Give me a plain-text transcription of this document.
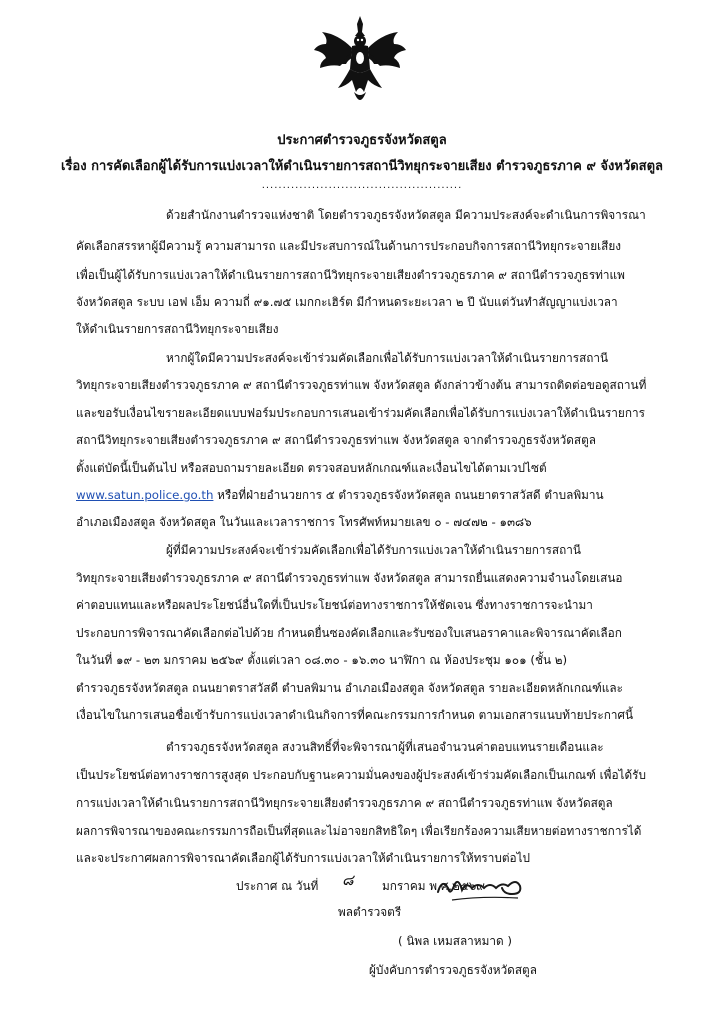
ประกาศตำรวจภูธรจังหวัดสตูล
เรื่อง การคัดเลือกผู้ได้รับการแบ่งเวลาให้ดำเนินรายการสถานีวิทยุกระจายเสียง ตำรวจภูธรภาค ๙ จังหวัดสตูล
................................................
ด้วยสำนักงานตำรวจแห่งชาติ โดยตำรวจภูธรจังหวัดสตูล มีความประสงค์จะดำเนินการพิจารณา
คัดเลือกสรรหาผู้มีความรู้ ความสามารถ และมีประสบการณ์ในด้านการประกอบกิจการสถานีวิทยุกระจายเสียง
เพื่อเป็นผู้ได้รับการแบ่งเวลาให้ดำเนินรายการสถานีวิทยุกระจายเสียงตำรวจภูธรภาค ๙ สถานีตำรวจภูธรท่าแพ
จังหวัดสตูล ระบบ เอฟ เอ็ม ความถี่ ๙๑.๗๕ เมกกะเฮิร์ต มีกำหนดระยะเวลา ๒ ปี นับแต่วันทำสัญญาแบ่งเวลา
ให้ดำเนินรายการสถานีวิทยุกระจายเสียง
หากผู้ใดมีความประสงค์จะเข้าร่วมคัดเลือกเพื่อได้รับการแบ่งเวลาให้ดำเนินรายการสถานี
วิทยุกระจายเสียงตำรวจภูธรภาค ๙ สถานีตำรวจภูธรท่าแพ จังหวัดสตูล ดังกล่าวข้างต้น สามารถติดต่อขอดูสถานที่
และขอรับเงื่อนไขรายละเอียดแบบฟอร์มประกอบการเสนอเข้าร่วมคัดเลือกเพื่อได้รับการแบ่งเวลาให้ดำเนินรายการ
สถานีวิทยุกระจายเสียงตำรวจภูธรภาค ๙ สถานีตำรวจภูธรท่าแพ จังหวัดสตูล จากตำรวจภูธรจังหวัดสตูล
ตั้งแต่บัดนี้เป็นต้นไป หรือสอบถามรายละเอียด ตรวจสอบหลักเกณฑ์และเงื่อนไขได้ตามเวปไซต์
www.satun.police.go.th หรือที่ฝ่ายอำนวยการ ๕ ตำรวจภูธรจังหวัดสตูล ถนนยาตราสวัสดี ตำบลพิมาน
อำเภอเมืองสตูล จังหวัดสตูล ในวันและเวลาราชการ โทรศัพท์หมายเลข ๐ - ๗๔๗๒ - ๑๓๘๖
ผู้ที่มีความประสงค์จะเข้าร่วมคัดเลือกเพื่อได้รับการแบ่งเวลาให้ดำเนินรายการสถานี
วิทยุกระจายเสียงตำรวจภูธรภาค ๙ สถานีตำรวจภูธรท่าแพ จังหวัดสตูล สามารถยื่นแสดงความจำนงโดยเสนอ
ค่าตอบแทนและหรือผลประโยชน์อื่นใดที่เป็นประโยชน์ต่อทางราชการให้ชัดเจน ซึ่งทางราชการจะนำมา
ประกอบการพิจารณาคัดเลือกต่อไปด้วย กำหนดยื่นซองคัดเลือกและรับซองใบเสนอราคาและพิจารณาคัดเลือก
ในวันที่ ๑๙ - ๒๓ มกราคม ๒๕๖๙ ตั้งแต่เวลา ๐๘.๓๐ - ๑๖.๓๐ นาฬิกา ณ ห้องประชุม ๑๐๑ (ชั้น ๒)
ตำรวจภูธรจังหวัดสตูล ถนนยาตราสวัสดี ตำบลพิมาน อำเภอเมืองสตูล จังหวัดสตูล รายละเอียดหลักเกณฑ์และ
เงื่อนไขในการเสนอชื่อเข้ารับการแบ่งเวลาดำเนินกิจการที่คณะกรรมการกำหนด ตามเอกสารแนบท้ายประกาศนี้
ตำรวจภูธรจังหวัดสตูล สงวนสิทธิ์ที่จะพิจารณาผู้ที่เสนอจำนวนค่าตอบแทนรายเดือนและ
เป็นประโยชน์ต่อทางราชการสูงสุด ประกอบกับฐานะความมั่นคงของผู้ประสงค์เข้าร่วมคัดเลือกเป็นเกณฑ์ เพื่อได้รับ
การแบ่งเวลาให้ดำเนินรายการสถานีวิทยุกระจายเสียงตำรวจภูธรภาค ๙ สถานีตำรวจภูธรท่าแพ จังหวัดสตูล
ผลการพิจารณาของคณะกรรมการถือเป็นที่สุดและไม่อาจยกสิทธิใดๆ เพื่อเรียกร้องความเสียหายต่อทางราชการได้
และจะประกาศผลการพิจารณาคัดเลือกผู้ได้รับการแบ่งเวลาให้ดำเนินรายการให้ทราบต่อไป
ประกาศ ณ วันที่ ๘ มกราคม พ.ศ.๒๕๖๙
พลตำรวจตรี
( นิพล เหมสลาหมาด )
ผู้บังคับการตำรวจภูธรจังหวัดสตูล
